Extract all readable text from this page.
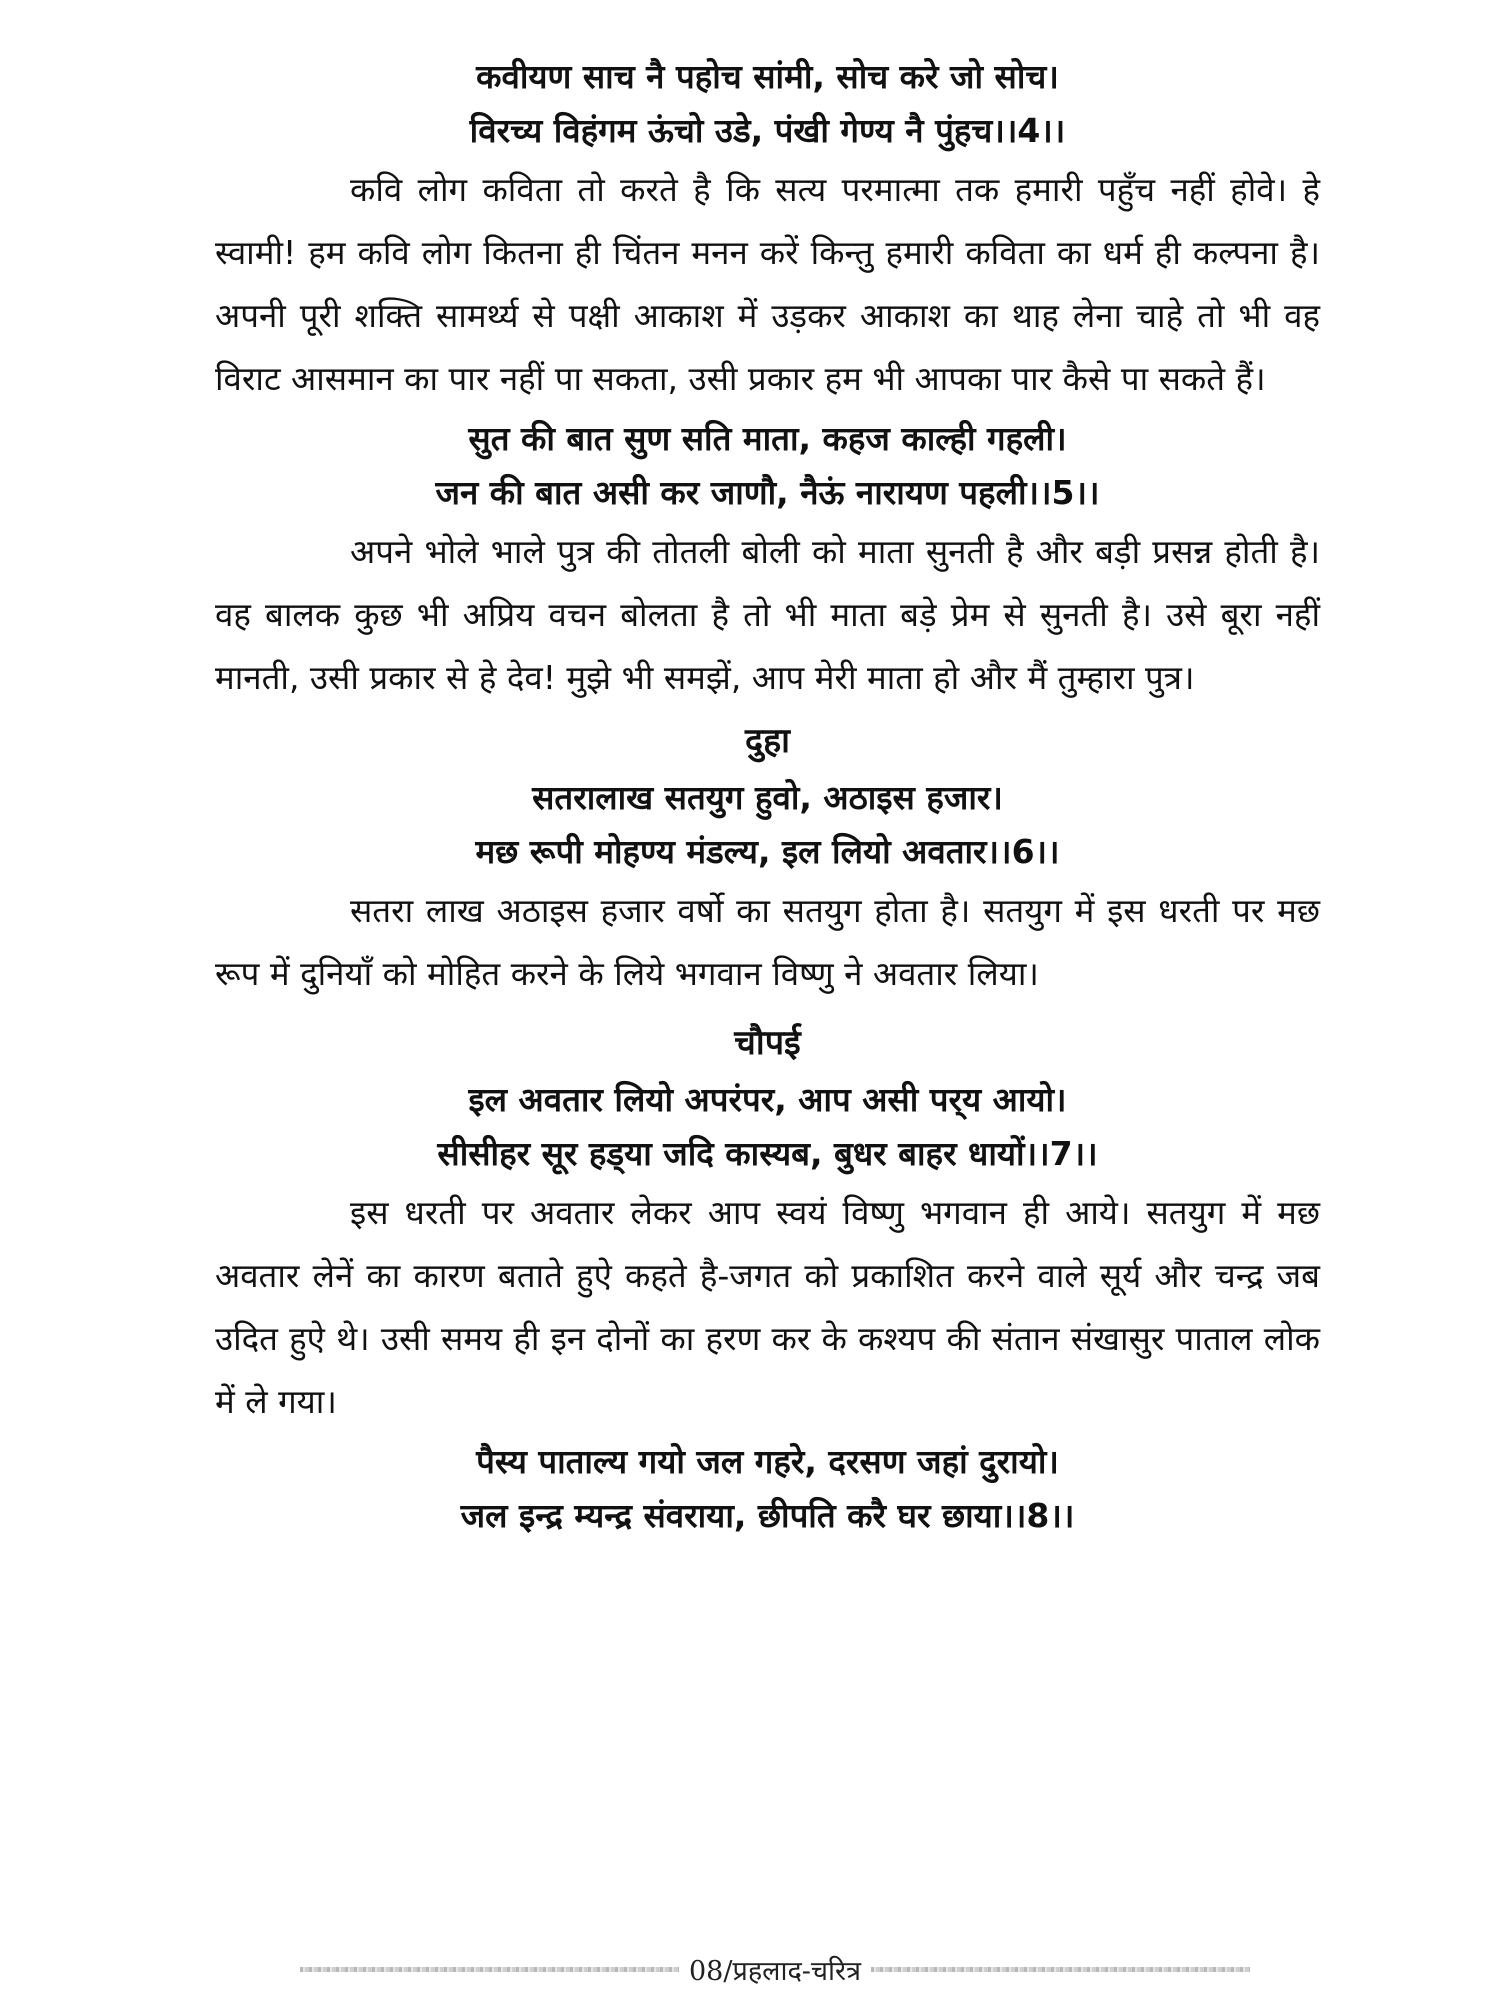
कवीयण साच नै पहोच सांमी, सोच करे जो सोच।

विरच्य विहंगम ऊंचो उडे, पंखी गेण्य नै पुंहच।।4।।

कवि लोग कविता तो करते है कि सत्य परमात्मा तक हमारी पहुँच नहीं होवे। हे स्वामी! हम कवि लोग कितना ही चिंतन मनन करें किन्तु हमारी कविता का धर्म ही कल्पना है। अपनी पूरी शक्ति सामर्थ्य से पक्षी आकाश में उड़कर आकाश का थाह लेना चाहे तो भी वह विराट आसमान का पार नहीं पा सकता, उसी प्रकार हम भी आपका पार कैसे पा सकते हैं।

सुत की बात सुण सति माता, कहज काल्ही गहली।

जन की बात असी कर जाणौ, नैऊं नारायण पहली।।5।।

अपने भोले भाले पुत्र की तोतली बोली को माता सुनती है और बड़ी प्रसन्न होती है। वह बालक कुछ भी अप्रिय वचन बोलता है तो भी माता बड़े प्रेम से सुनती है। उसे बूरा नहीं मानती, उसी प्रकार से हे देव! मुझे भी समझें, आप मेरी माता हो और मैं तुम्हारा पुत्र।

दुहा

सतरालाख सतयुग हुवो, अठाइस हजार।

मछ रूपी मोहण्य मंडल्य, इल लियो अवतार।।6।।

सतरा लाख अठाइस हजार वर्षो का सतयुग होता है। सतयुग में इस धरती पर मछ रूप में दुनियाँ को मोहित करने के लिये भगवान विष्णु ने अवतार लिया।

चौपई

इल अवतार लियो अपरंपर, आप असी पर्‌य आयो।

सीसीहर सूर हड्‌या जदि कास्यब, बुधर बाहर धायों।।7।।

इस धरती पर अवतार लेकर आप स्वयं विष्णु भगवान ही आये। सतयुग में मछ अवतार लेनें का कारण बताते हुऐ कहते है-जगत को प्रकाशित करने वाले सूर्य और चन्द्र जब उदित हुऐ थे। उसी समय ही इन दोनों का हरण कर के कश्यप की संतान संखासुर पाताल लोक में ले गया।

पैस्य पाताल्य गयो जल गहरे, दरसण जहां दुरायो।

जल इन्द्र म्यन्द्र संवराया, छीपति करै घर छाया।।8।।

08/प्रहलाद-चरित्र
